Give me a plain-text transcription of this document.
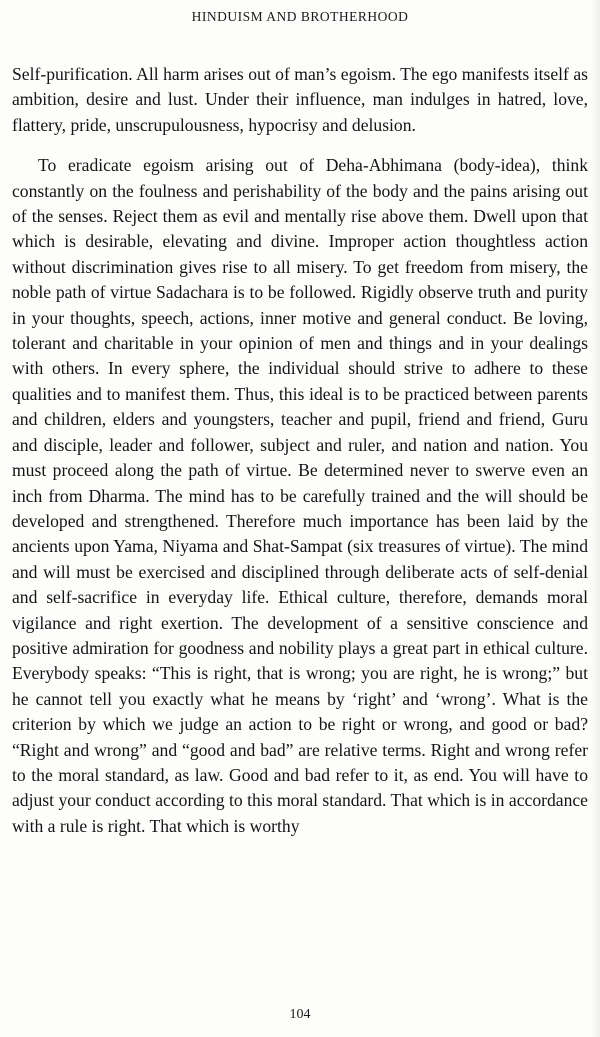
HINDUISM AND BROTHERHOOD

Self-purification. All harm arises out of man’s egoism. The ego manifests itself as ambition, desire and lust. Under their influence, man indulges in hatred, love, flattery, pride, unscrupulousness, hypocrisy and delusion.

To eradicate egoism arising out of Deha-Abhimana (body-idea), think constantly on the foulness and perishability of the body and the pains arising out of the senses. Reject them as evil and mentally rise above them. Dwell upon that which is desirable, elevating and divine. Improper action thoughtless action without discrimination gives rise to all misery. To get freedom from misery, the noble path of virtue Sadachara is to be followed. Rigidly observe truth and purity in your thoughts, speech, actions, inner motive and general conduct. Be loving, tolerant and charitable in your opinion of men and things and in your dealings with others. In every sphere, the individual should strive to adhere to these qualities and to manifest them. Thus, this ideal is to be practiced between parents and children, elders and youngsters, teacher and pupil, friend and friend, Guru and disciple, leader and follower, subject and ruler, and nation and nation. You must proceed along the path of virtue. Be determined never to swerve even an inch from Dharma. The mind has to be carefully trained and the will should be developed and strengthened. Therefore much importance has been laid by the ancients upon Yama, Niyama and Shat-Sampat (six treasures of virtue). The mind and will must be exercised and disciplined through deliberate acts of self-denial and self-sacrifice in everyday life. Ethical culture, therefore, demands moral vigilance and right exertion. The development of a sensitive conscience and positive admiration for goodness and nobility plays a great part in ethical culture. Everybody speaks: “This is right, that is wrong; you are right, he is wrong;” but he cannot tell you exactly what he means by ‘right’ and ‘wrong’. What is the criterion by which we judge an action to be right or wrong, and good or bad? “Right and wrong” and “good and bad” are relative terms. Right and wrong refer to the moral standard, as law. Good and bad refer to it, as end. You will have to adjust your conduct according to this moral standard. That which is in accordance with a rule is right. That which is worthy

104
